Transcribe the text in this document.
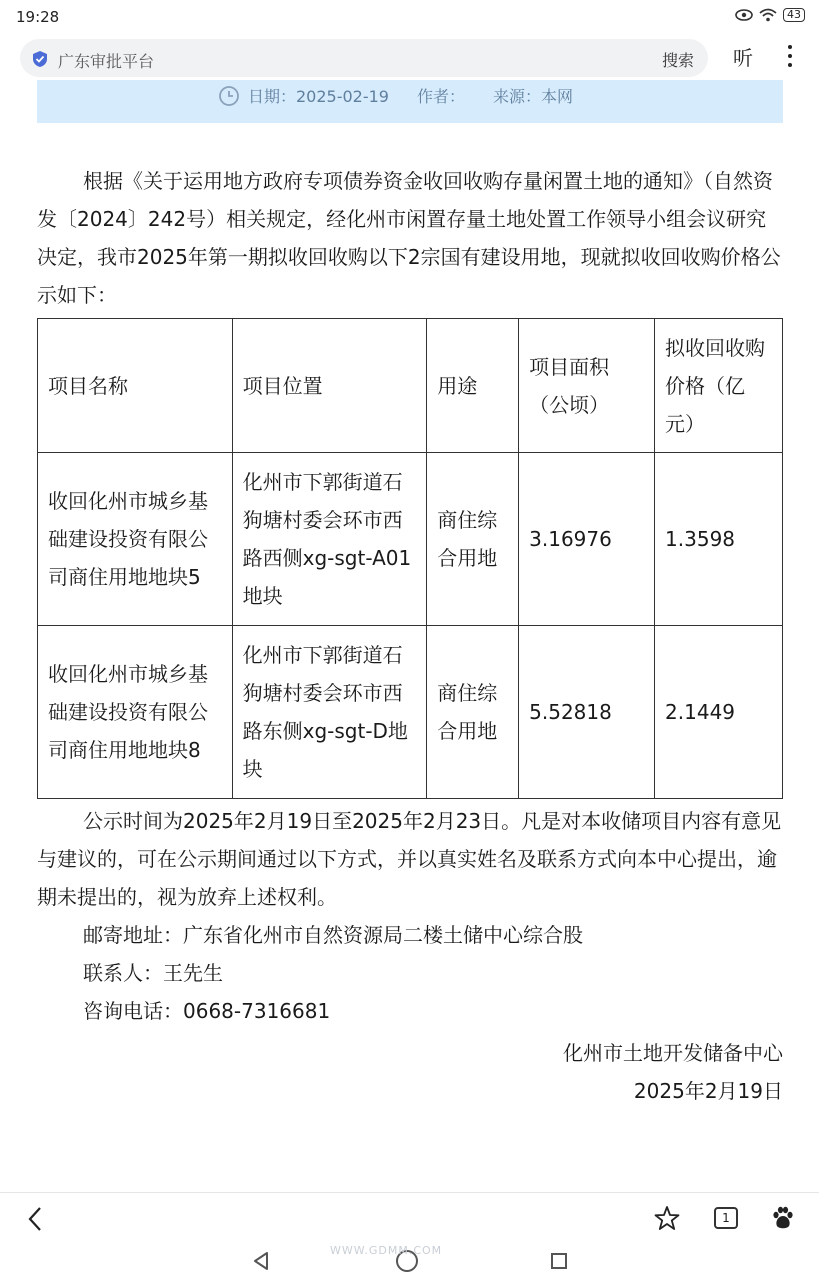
19:28	43
广东审批平台	搜索 听
日期：2025-02-19 作者： 来源：本网

根据《关于运用地方政府专项债券资金收回收购存量闲置土地的通知》（自然资发〔2024〕242号）相关规定，经化州市闲置存量土地处置工作领导小组会议研究决定，我市2025年第一期拟收回收购以下2宗国有建设用地，现就拟收回收购价格公示如下：

项目名称	项目位置	用途	项目面积（公顷）	拟收回收购价格（亿元）
收回化州市城乡基础建设投资有限公司商住用地地块5	化州市下郭街道石狗塘村委会环市西路西侧xg-sgt-A01地块	商住综合用地	3.16976	1.3598
收回化州市城乡基础建设投资有限公司商住用地地块8	化州市下郭街道石狗塘村委会环市西路东侧xg-sgt-D地块	商住综合用地	5.52818	2.1449

公示时间为2025年2月19日至2025年2月23日。凡是对本收储项目内容有意见与建议的，可在公示期间通过以下方式，并以真实姓名及联系方式向本中心提出，逾期未提出的，视为放弃上述权利。

邮寄地址：广东省化州市自然资源局二楼土储中心综合股

联系人：王先生

咨询电话：0668-7316681

化州市土地开发储备中心

2025年2月19日

1
WWW.GDMM.COM
